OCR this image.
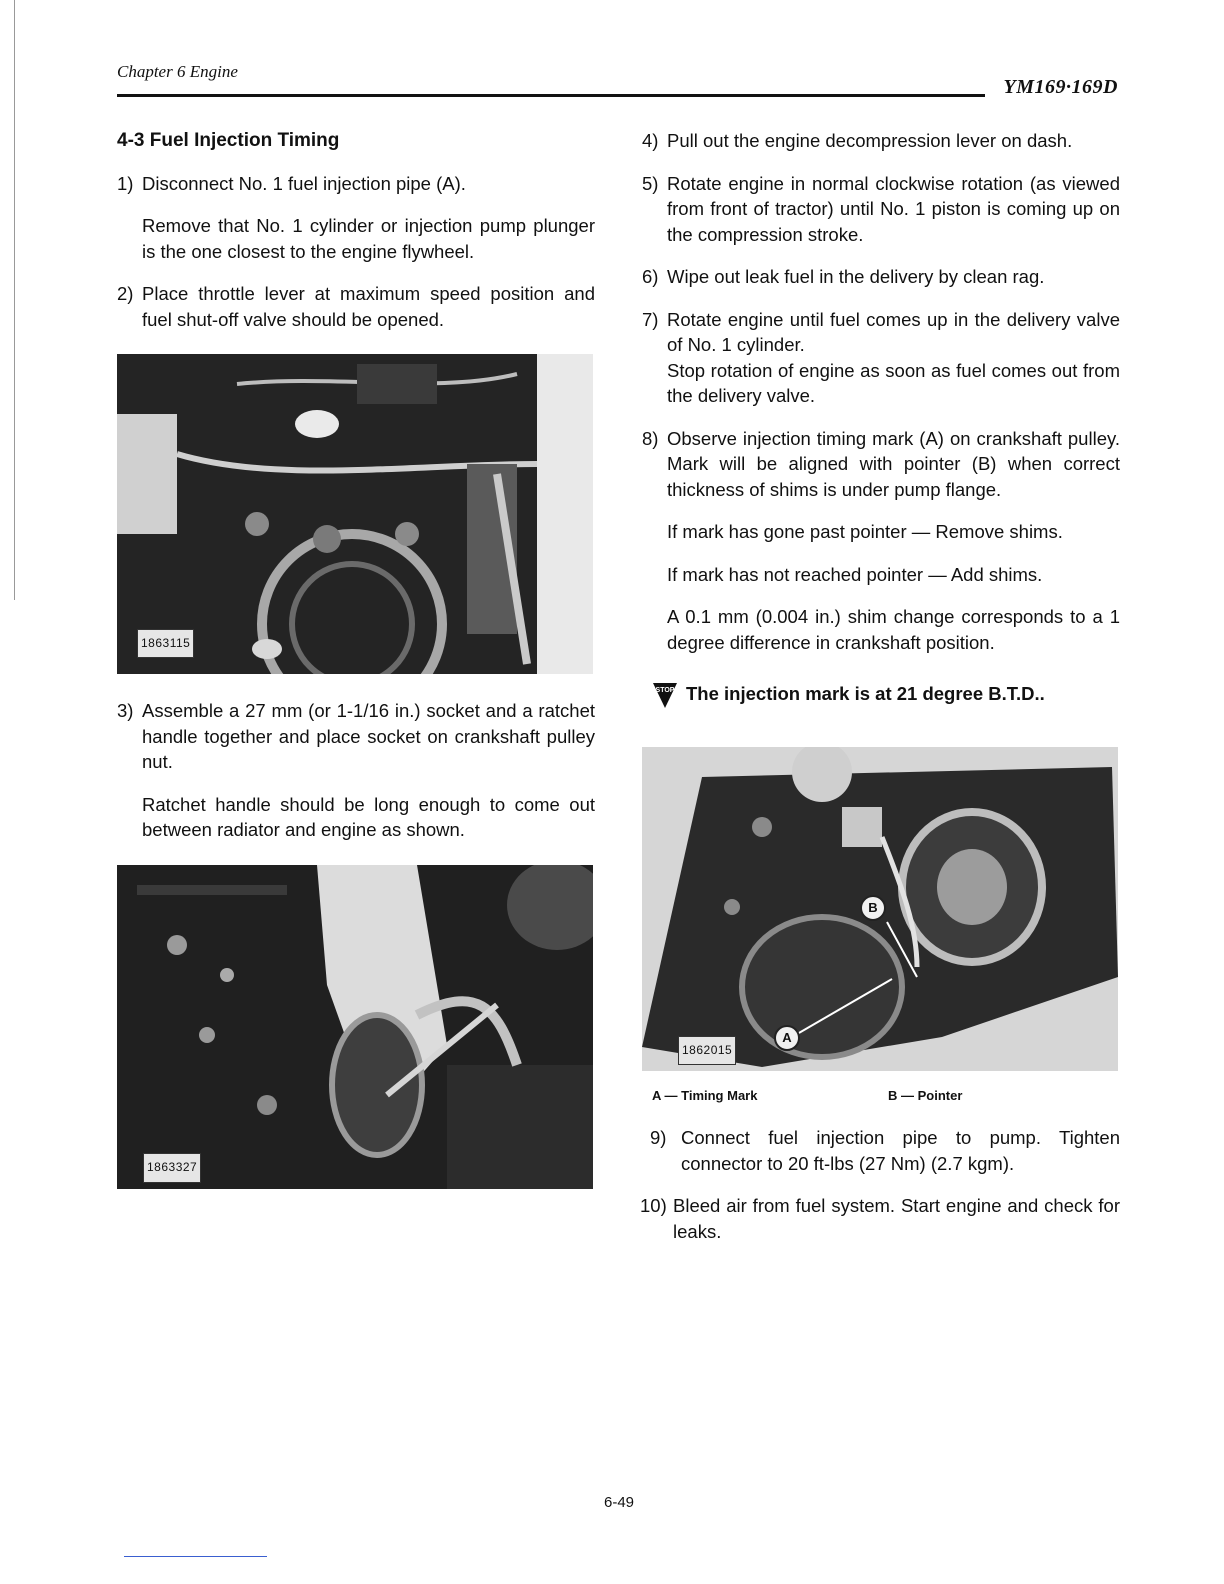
Chapter 6 Engine
YM169·169D
4-3 Fuel Injection Timing
1) Disconnect No. 1 fuel injection pipe (A).
Remove that No. 1 cylinder or injection pump plunger is the one closest to the engine flywheel.
2) Place throttle lever at maximum speed position and fuel shut-off valve should be opened.
1863115
3) Assemble a 27 mm (or 1-1/16 in.) socket and a ratchet handle together and place socket on crankshaft pulley nut.
Ratchet handle should be long enough to come out between radiator and engine as shown.
1863327
4) Pull out the engine decompression lever on dash.
5) Rotate engine in normal clockwise rotation (as viewed from front of tractor) until No. 1 piston is coming up on the compression stroke.
6) Wipe out leak fuel in the delivery by clean rag.
7) Rotate engine until fuel comes up in the delivery valve of No. 1 cylinder.
Stop rotation of engine as soon as fuel comes out from the delivery valve.
8) Observe injection timing mark (A) on crankshaft pulley. Mark will be aligned with pointer (B) when correct thickness of shims is under pump flange.
If mark has gone past pointer — Remove shims.
If mark has not reached pointer — Add shims.
A 0.1 mm (0.004 in.) shim change corresponds to a 1 degree difference in crankshaft position.
STOP The injection mark is at 21 degree B.T.D..
B
A
1862015
A — Timing Mark	B — Pointer
9) Connect fuel injection pipe to pump. Tighten connector to 20 ft-lbs (27 Nm) (2.7 kgm).
10) Bleed air from fuel system. Start engine and check for leaks.
6-49
